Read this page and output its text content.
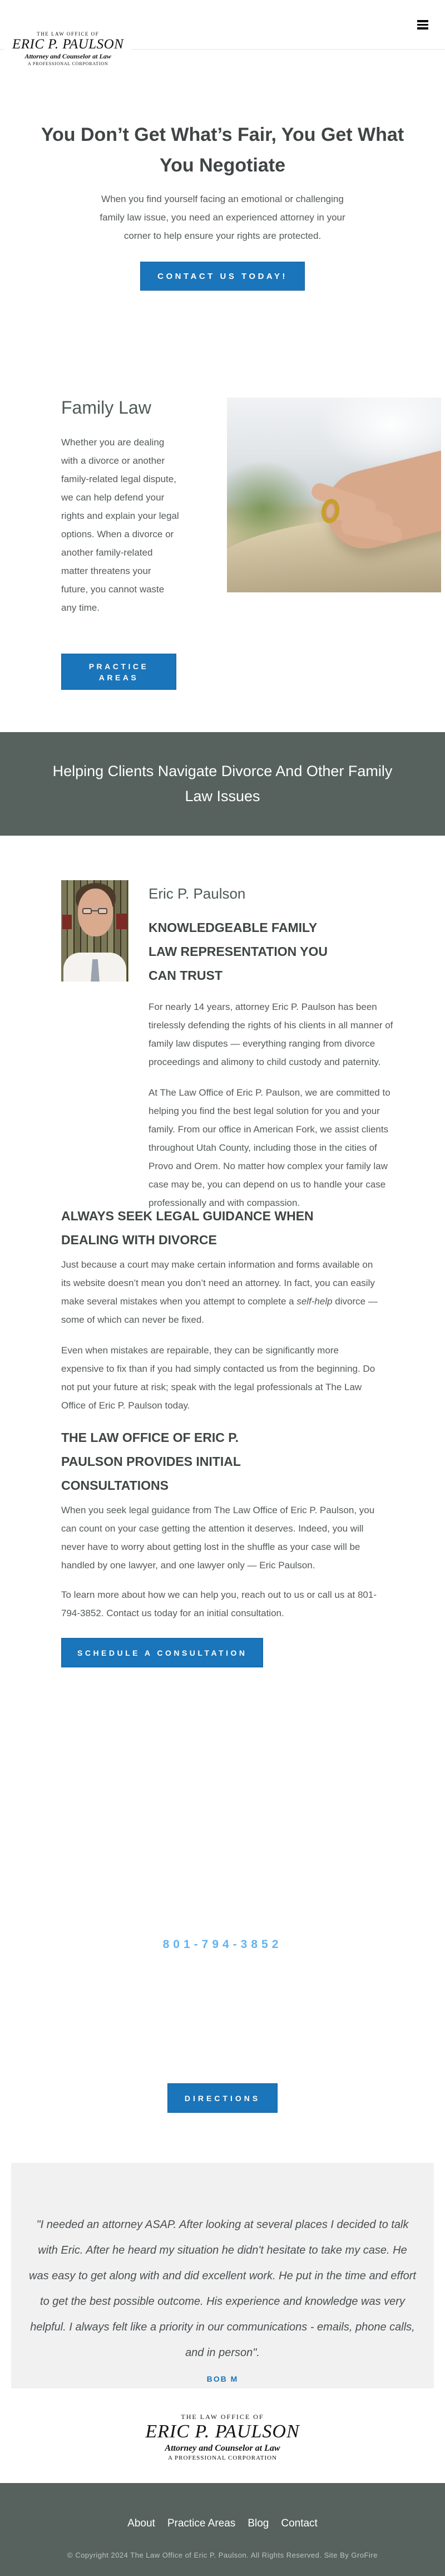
THE LAW OFFICE OF
ERIC P. PAULSON
Attorney and Counselor at Law
A PROFESSIONAL CORPORATION
You Don’t Get What’s Fair, You Get What You Negotiate

When you find yourself facing an emotional or challenging family law issue, you need an experienced attorney in your corner to help ensure your rights are protected.

CONTACT US TODAY!
Family Law

Whether you are dealing with a divorce or another family-related legal dispute, we can help defend your rights and explain your legal options. When a divorce or another family-related matter threatens your future, you cannot waste any time.

PRACTICE AREAS
Helping Clients Navigate Divorce And Other Family Law Issues
Eric P. Paulson
KNOWLEDGEABLE FAMILY LAW REPRESENTATION YOU CAN TRUST

For nearly 14 years, attorney Eric P. Paulson has been tirelessly defending the rights of his clients in all manner of family law disputes — everything ranging from divorce proceedings and alimony to child custody and paternity.

At The Law Office of Eric P. Paulson, we are committed to helping you find the best legal solution for you and your family. From our office in American Fork, we assist clients throughout Utah County, including those in the cities of Provo and Orem. No matter how complex your family law case may be, you can depend on us to handle your case professionally and with compassion.

ALWAYS SEEK LEGAL GUIDANCE WHEN DEALING WITH DIVORCE

Just because a court may make certain information and forms available on its website doesn’t mean you don’t need an attorney. In fact, you can easily make several mistakes when you attempt to complete a self-help divorce — some of which can never be fixed.

Even when mistakes are repairable, they can be significantly more expensive to fix than if you had simply contacted us from the beginning. Do not put your future at risk; speak with the legal professionals at The Law Office of Eric P. Paulson today.

THE LAW OFFICE OF ERIC P. PAULSON PROVIDES INITIAL CONSULTATIONS

When you seek legal guidance from The Law Office of Eric P. Paulson, you can count on your case getting the attention it deserves. Indeed, you will never have to worry about getting lost in the shuffle as your case will be handled by one lawyer, and one lawyer only — Eric Paulson.

To learn more about how we can help you, reach out to us or call us at 801-794-3852. Contact us today for an initial consultation.

SCHEDULE A CONSULTATION
801-794-3852
DIRECTIONS

"I needed an attorney ASAP. After looking at several places I decided to talk with Eric. After he heard my situation he didn't hesitate to take my case. He was easy to get along with and did excellent work. He put in the time and effort to get the best possible outcome. His experience and knowledge was very helpful. I always felt like a priority in our communications - emails, phone calls, and in person".

BOB M
THE LAW OFFICE OF
ERIC P. PAULSON
Attorney and Counselor at Law
A PROFESSIONAL CORPORATION
About Practice Areas Blog Contact
© Copyright 2024 The Law Office of Eric P. Paulson. All Rights Reserved. Site By GroFire
